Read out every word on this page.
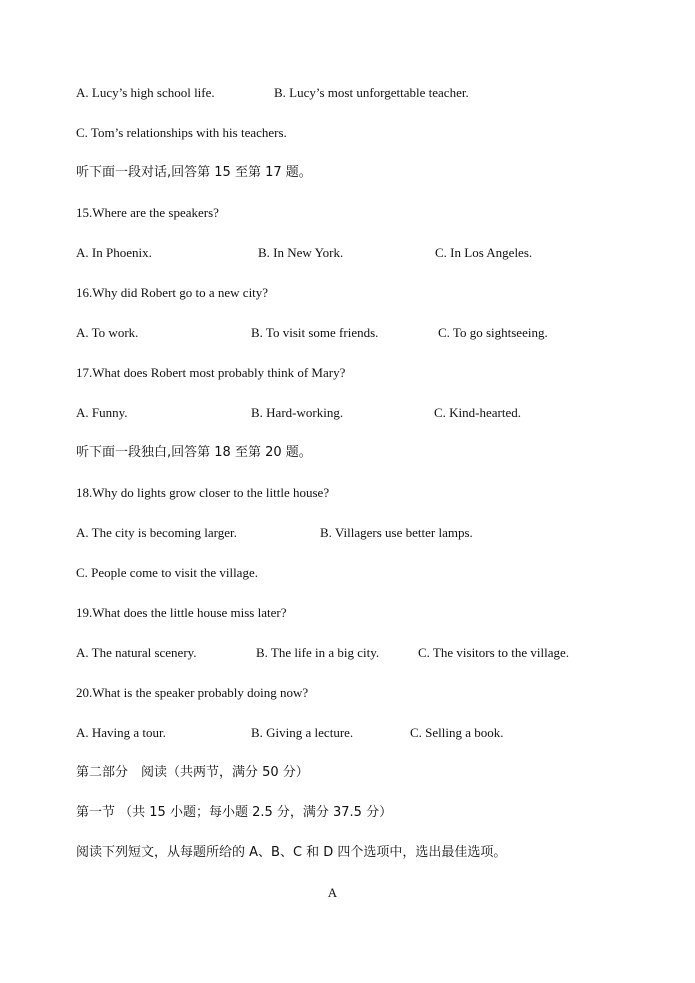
A. Lucy’s high school life.	B. Lucy’s most unforgettable teacher.
C. Tom’s relationships with his teachers.
听下面一段对话,回答第 15 至第 17 题。
15.Where are the speakers?
A. In Phoenix.	B. In New York.	C. In Los Angeles.
16.Why did Robert go to a new city?
A. To work.	B. To visit some friends.	C. To go sightseeing.
17.What does Robert most probably think of Mary?
A. Funny.	B. Hard-working.	C. Kind-hearted.
听下面一段独白,回答第 18 至第 20 题。
18.Why do lights grow closer to the little house?
A. The city is becoming larger.	B. Villagers use better lamps.
C. People come to visit the village.
19.What does the little house miss later?
A. The natural scenery.	B. The life in a big city.	C. The visitors to the village.
20.What is the speaker probably doing now?
A. Having a tour.	B. Giving a lecture.	C. Selling a book.
第二部分　阅读（共两节，满分 50 分）
第一节 （共 15 小题；每小题 2.5 分，满分 37.5 分）
阅读下列短文，从每题所给的 A、B、C 和 D 四个选项中，选出最佳选项。
A
